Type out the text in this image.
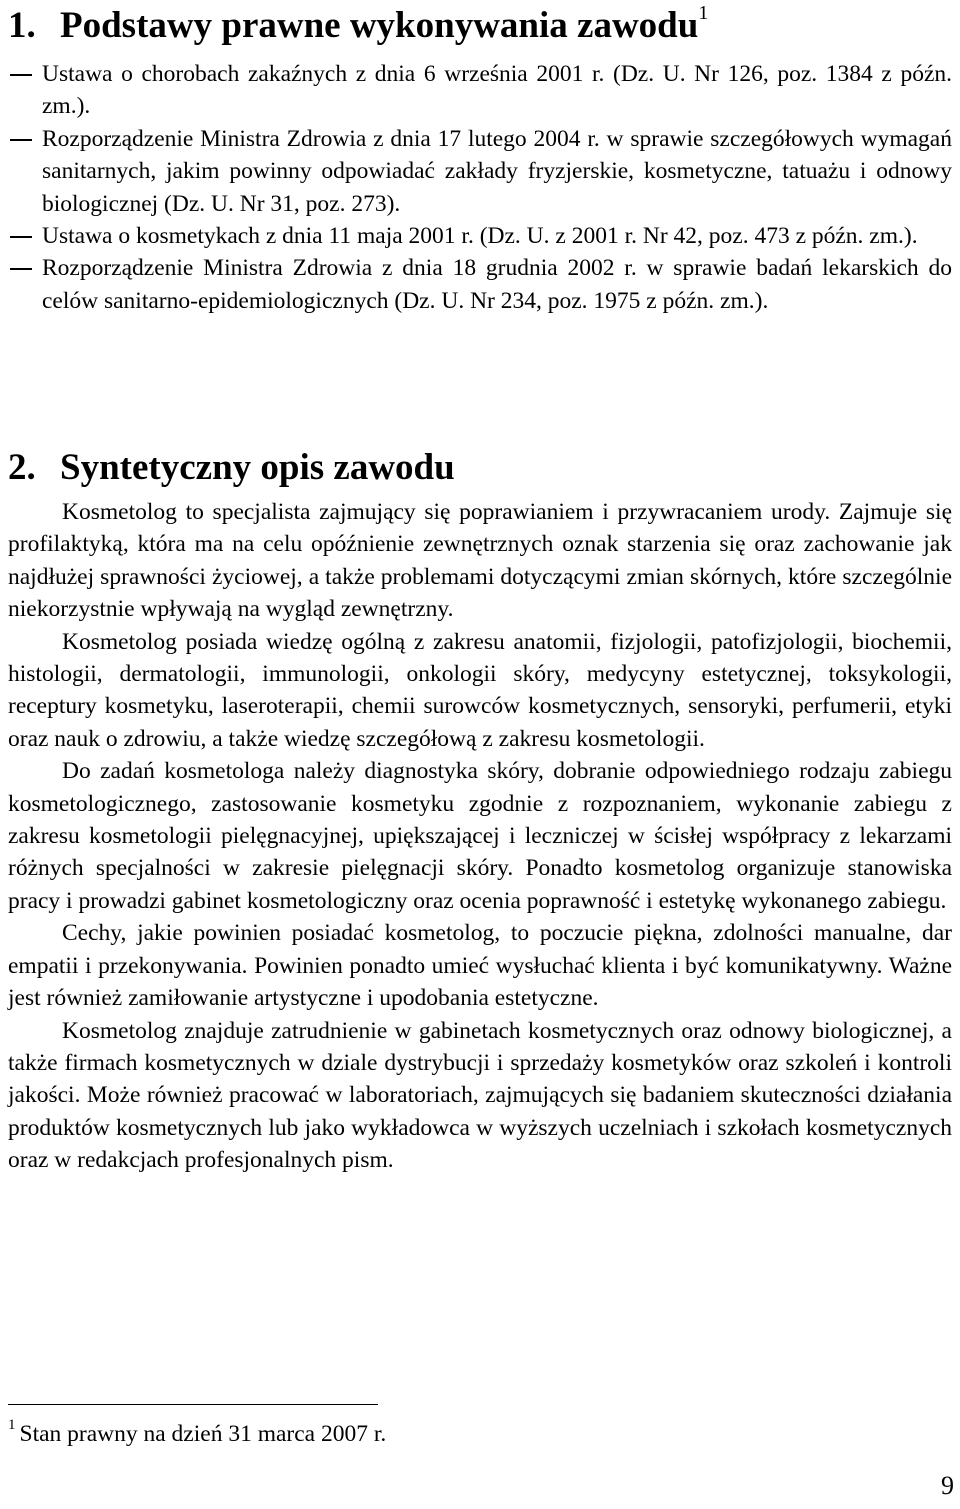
1. Podstawy prawne wykonywania zawodu$^1$
Ustawa o chorobach zakaźnych z dnia 6 września 2001 r. (Dz. U. Nr 126, poz. 1384 z późn. zm.).
Rozporządzenie Ministra Zdrowia z dnia 17 lutego 2004 r. w sprawie szczegółowych wymagań sanitarnych, jakim powinny odpowiadać zakłady fryzjerskie, kosmetyczne, tatuażu i odnowy biologicznej (Dz. U. Nr 31, poz. 273).
Ustawa o kosmetykach z dnia 11 maja 2001 r. (Dz. U. z 2001 r. Nr 42, poz. 473 z późn. zm.).
Rozporządzenie Ministra Zdrowia z dnia 18 grudnia 2002 r. w sprawie badań lekarskich do celów sanitarno-epidemiologicznych (Dz. U. Nr 234, poz. 1975 z późn. zm.).
2. Syntetyczny opis zawodu

Kosmetolog to specjalista zajmujący się poprawianiem i przywracaniem urody. Zajmuje się profilaktyką, która ma na celu opóźnienie zewnętrznych oznak starzenia się oraz zachowanie jak najdłużej sprawności życiowej, a także problemami dotyczącymi zmian skórnych, które szczególnie niekorzystnie wpływają na wygląd zewnętrzny.

Kosmetolog posiada wiedzę ogólną z zakresu anatomii, fizjologii, patofizjologii, biochemii, histologii, dermatologii, immunologii, onkologii skóry, medycyny estetycznej, toksykologii, receptury kosmetyku, laseroterapii, chemii surowców kosmetycznych, sensoryki, perfumerii, etyki oraz nauk o zdrowiu, a także wiedzę szczegółową z zakresu kosmetologii.

Do zadań kosmetologa należy diagnostyka skóry, dobranie odpowiedniego rodzaju zabiegu kosmetologicznego, zastosowanie kosmetyku zgodnie z rozpoznaniem, wykonanie zabiegu z zakresu kosmetologii pielęgnacyjnej, upiększającej i leczniczej w ścisłej współpracy z lekarzami różnych specjalności w zakresie pielęgnacji skóry. Ponadto kosmetolog organizuje stanowiska pracy i prowadzi gabinet kosmetologiczny oraz ocenia poprawność i estetykę wykonanego zabiegu.

Cechy, jakie powinien posiadać kosmetolog, to poczucie piękna, zdolności manualne, dar empatii i przekonywania. Powinien ponadto umieć wysłuchać klienta i być komunikatywny. Ważne jest również zamiłowanie artystyczne i upodobania estetyczne.

Kosmetolog znajduje zatrudnienie w gabinetach kosmetycznych oraz odnowy biologicznej, a także firmach kosmetycznych w dziale dystrybucji i sprzedaży kosmetyków oraz szkoleń i kontroli jakości. Może również pracować w laboratoriach, zajmujących się badaniem skuteczności działania produktów kosmetycznych lub jako wykładowca w wyższych uczelniach i szkołach kosmetycznych oraz w redakcjach profesjonalnych pism.

$^1$ Stan prawny na dzień 31 marca 2007 r.
9
